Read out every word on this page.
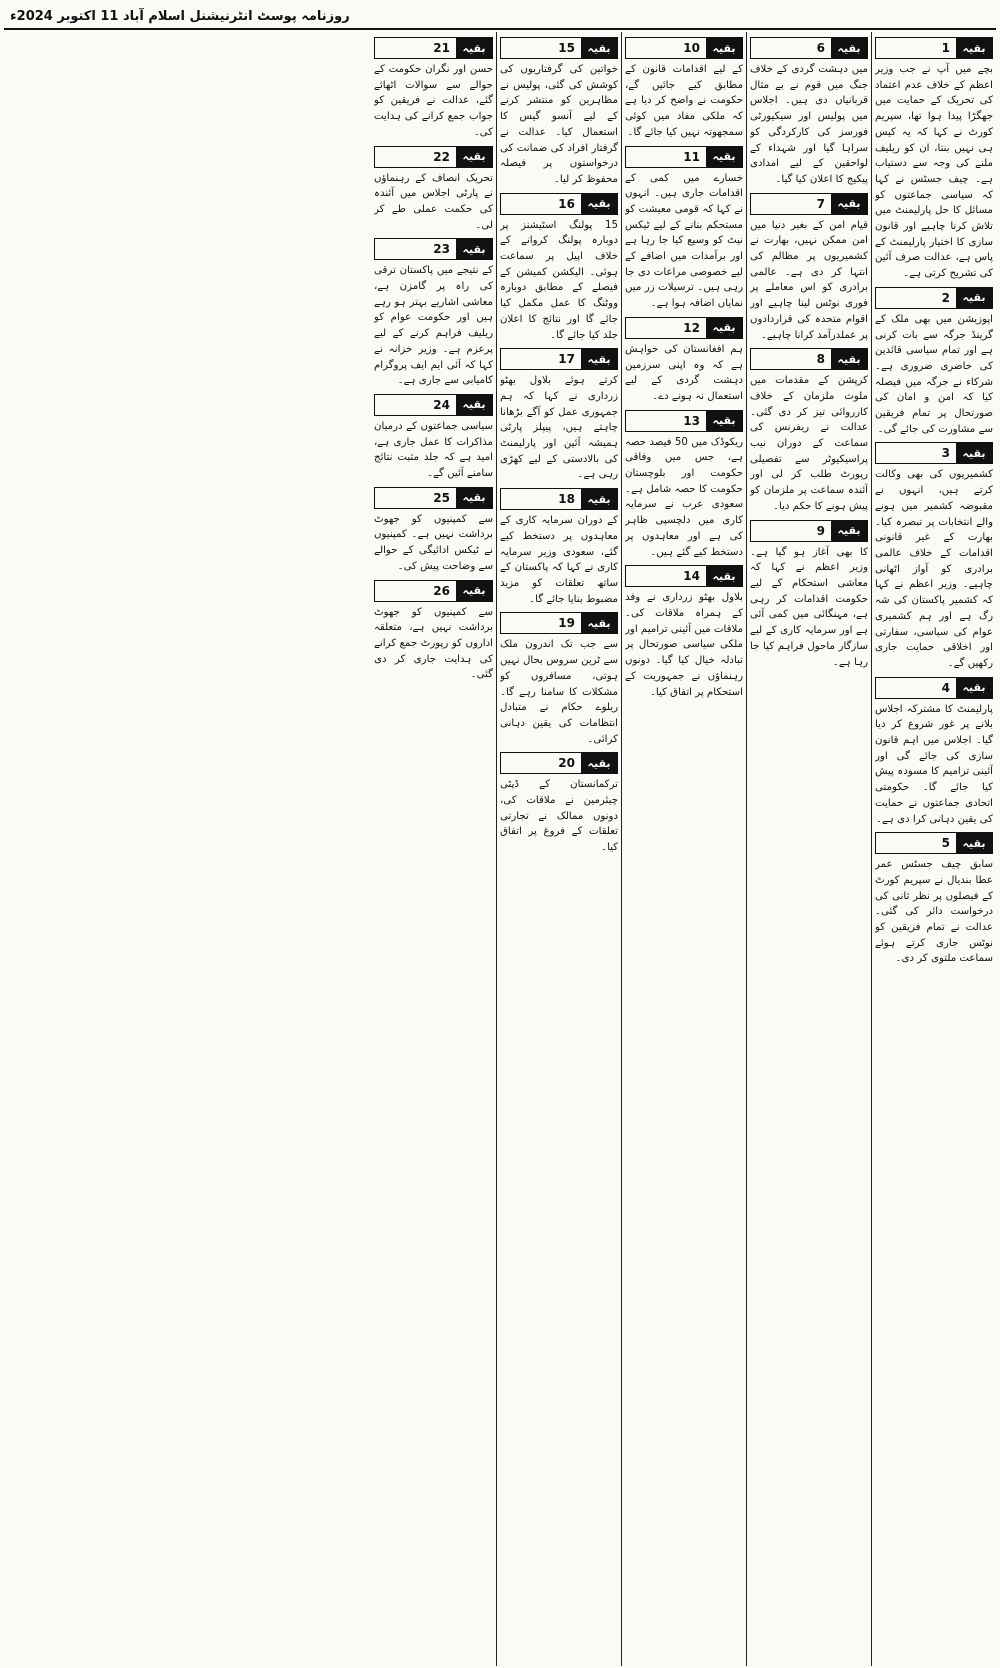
روزنامہ پوسٹ انٹرنیشنل اسلام آباد 11 اکتوبر 2024ء
بقیہ
1
بچے میں آپ نے جب وزیر اعظم کے خلاف عدم اعتماد کی تحریک کے حمایت میں جھگڑا پیدا ہوا تھا، سپریم کورٹ نے کہا کہ یہ کیس ہی نہیں بنتا، ان کو ریلیف ملنے کی وجہ سے دستیاب ہے۔ چیف جسٹس نے کہا کہ سیاسی جماعتوں کو مسائل کا حل پارلیمنٹ میں تلاش کرنا چاہیے اور قانون سازی کا اختیار پارلیمنٹ کے پاس ہے، عدالت صرف آئین کی تشریح کرتی ہے۔
بقیہ
2
اپوزیشن میں بھی ملک کے گرینڈ جرگہ سے بات کرنی ہے اور تمام سیاسی قائدین کی حاضری ضروری ہے۔ شرکاء نے جرگہ میں فیصلہ کیا کہ امن و امان کی صورتحال پر تمام فریقین سے مشاورت کی جائے گی۔
بقیہ
3
کشمیریوں کی بھی وکالت کرتے ہیں، انہوں نے مقبوضہ کشمیر میں ہونے والے انتخابات پر تبصرہ کیا۔ بھارت کے غیر قانونی اقدامات کے خلاف عالمی برادری کو آواز اٹھانی چاہیے۔ وزیر اعظم نے کہا کہ کشمیر پاکستان کی شہ رگ ہے اور ہم کشمیری عوام کی سیاسی، سفارتی اور اخلاقی حمایت جاری رکھیں گے۔
بقیہ
4
پارلیمنٹ کا مشترکہ اجلاس بلانے پر غور شروع کر دیا گیا۔ اجلاس میں اہم قانون سازی کی جائے گی اور آئینی ترامیم کا مسودہ پیش کیا جائے گا۔ حکومتی اتحادی جماعتوں نے حمایت کی یقین دہانی کرا دی ہے۔
بقیہ
5
سابق چیف جسٹس عمر عطا بندیال نے سپریم کورٹ کے فیصلوں پر نظر ثانی کی درخواست دائر کی گئی۔ عدالت نے تمام فریقین کو نوٹس جاری کرتے ہوئے سماعت ملتوی کر دی۔
بقیہ
6
میں دہشت گردی کے خلاف جنگ میں قوم نے بے مثال قربانیاں دی ہیں۔ اجلاس میں پولیس اور سیکیورٹی فورسز کی کارکردگی کو سراہا گیا اور شہداء کے لواحقین کے لیے امدادی پیکیج کا اعلان کیا گیا۔
بقیہ
7
قیام امن کے بغیر دنیا میں امن ممکن نہیں، بھارت نے کشمیریوں پر مظالم کی انتہا کر دی ہے۔ عالمی برادری کو اس معاملے پر فوری نوٹس لینا چاہیے اور اقوام متحدہ کی قراردادوں پر عملدرآمد کرانا چاہیے۔
بقیہ
8
کرپشن کے مقدمات میں ملوث ملزمان کے خلاف کارروائی تیز کر دی گئی۔ عدالت نے ریفرنس کی سماعت کے دوران نیب پراسیکیوٹر سے تفصیلی رپورٹ طلب کر لی اور آئندہ سماعت پر ملزمان کو پیش ہونے کا حکم دیا۔
بقیہ
9
کا بھی آغاز ہو گیا ہے۔ وزیر اعظم نے کہا کہ معاشی استحکام کے لیے حکومت اقدامات کر رہی ہے، مہنگائی میں کمی آئی ہے اور سرمایہ کاری کے لیے سازگار ماحول فراہم کیا جا رہا ہے۔
بقیہ
10
کے لیے اقدامات قانون کے مطابق کیے جائیں گے، حکومت نے واضح کر دیا ہے کہ ملکی مفاد میں کوئی سمجھوتہ نہیں کیا جائے گا۔
بقیہ
11
خسارے میں کمی کے اقدامات جاری ہیں۔ انہوں نے کہا کہ قومی معیشت کو مستحکم بنانے کے لیے ٹیکس نیٹ کو وسیع کیا جا رہا ہے اور برآمدات میں اضافے کے لیے خصوصی مراعات دی جا رہی ہیں۔ ترسیلات زر میں نمایاں اضافہ ہوا ہے۔
بقیہ
12
ہم افغانستان کی خواہش ہے کہ وہ اپنی سرزمین دہشت گردی کے لیے استعمال نہ ہونے دے۔
بقیہ
13
ریکوڈک میں 50 فیصد حصہ ہے، جس میں وفاقی حکومت اور بلوچستان حکومت کا حصہ شامل ہے۔ سعودی عرب نے سرمایہ کاری میں دلچسپی ظاہر کی ہے اور معاہدوں پر دستخط کیے گئے ہیں۔
بقیہ
14
بلاول بھٹو زرداری نے وفد کے ہمراہ ملاقات کی۔ ملاقات میں آئینی ترامیم اور ملکی سیاسی صورتحال پر تبادلہ خیال کیا گیا۔ دونوں رہنماؤں نے جمہوریت کے استحکام پر اتفاق کیا۔
بقیہ
15
خواتین کی گرفتاریوں کی کوشش کی گئی، پولیس نے مظاہرین کو منتشر کرنے کے لیے آنسو گیس کا استعمال کیا۔ عدالت نے گرفتار افراد کی ضمانت کی درخواستوں پر فیصلہ محفوظ کر لیا۔
بقیہ
16
15 پولنگ اسٹیشنز پر دوبارہ پولنگ کروانے کے خلاف اپیل پر سماعت ہوئی۔ الیکشن کمیشن کے فیصلے کے مطابق دوبارہ ووٹنگ کا عمل مکمل کیا جائے گا اور نتائج کا اعلان جلد کیا جائے گا۔
بقیہ
17
کرتے ہوئے بلاول بھٹو زرداری نے کہا کہ ہم جمہوری عمل کو آگے بڑھانا چاہتے ہیں، پیپلز پارٹی ہمیشہ آئین اور پارلیمنٹ کی بالادستی کے لیے کھڑی رہی ہے۔
بقیہ
18
کے دوران سرمایہ کاری کے معاہدوں پر دستخط کیے گئے، سعودی وزیر سرمایہ کاری نے کہا کہ پاکستان کے ساتھ تعلقات کو مزید مضبوط بنایا جائے گا۔
بقیہ
19
سے جب تک اندرون ملک سے ٹرین سروس بحال نہیں ہوتی، مسافروں کو مشکلات کا سامنا رہے گا۔ ریلوے حکام نے متبادل انتظامات کی یقین دہانی کرائی۔
بقیہ
20
ترکمانستان کے ڈپٹی چیئرمین نے ملاقات کی، دونوں ممالک نے تجارتی تعلقات کے فروغ پر اتفاق کیا۔
بقیہ
21
حسن اور نگران حکومت کے حوالے سے سوالات اٹھائے گئے، عدالت نے فریقین کو جواب جمع کرانے کی ہدایت کی۔
بقیہ
22
تحریک انصاف کے رہنماؤں نے پارٹی اجلاس میں آئندہ کی حکمت عملی طے کر لی۔
بقیہ
23
کے نتیجے میں پاکستان ترقی کی راہ پر گامزن ہے، معاشی اشاریے بہتر ہو رہے ہیں اور حکومت عوام کو ریلیف فراہم کرنے کے لیے پرعزم ہے۔ وزیر خزانہ نے کہا کہ آئی ایم ایف پروگرام کامیابی سے جاری ہے۔
بقیہ
24
سیاسی جماعتوں کے درمیان مذاکرات کا عمل جاری ہے، امید ہے کہ جلد مثبت نتائج سامنے آئیں گے۔
بقیہ
25
سے کمپنیوں کو جھوٹ برداشت نہیں ہے۔ کمپنیوں نے ٹیکس ادائیگی کے حوالے سے وضاحت پیش کی۔
بقیہ
26
سے کمپنیوں کو جھوٹ برداشت نہیں ہے، متعلقہ اداروں کو رپورٹ جمع کرانے کی ہدایت جاری کر دی گئی۔
